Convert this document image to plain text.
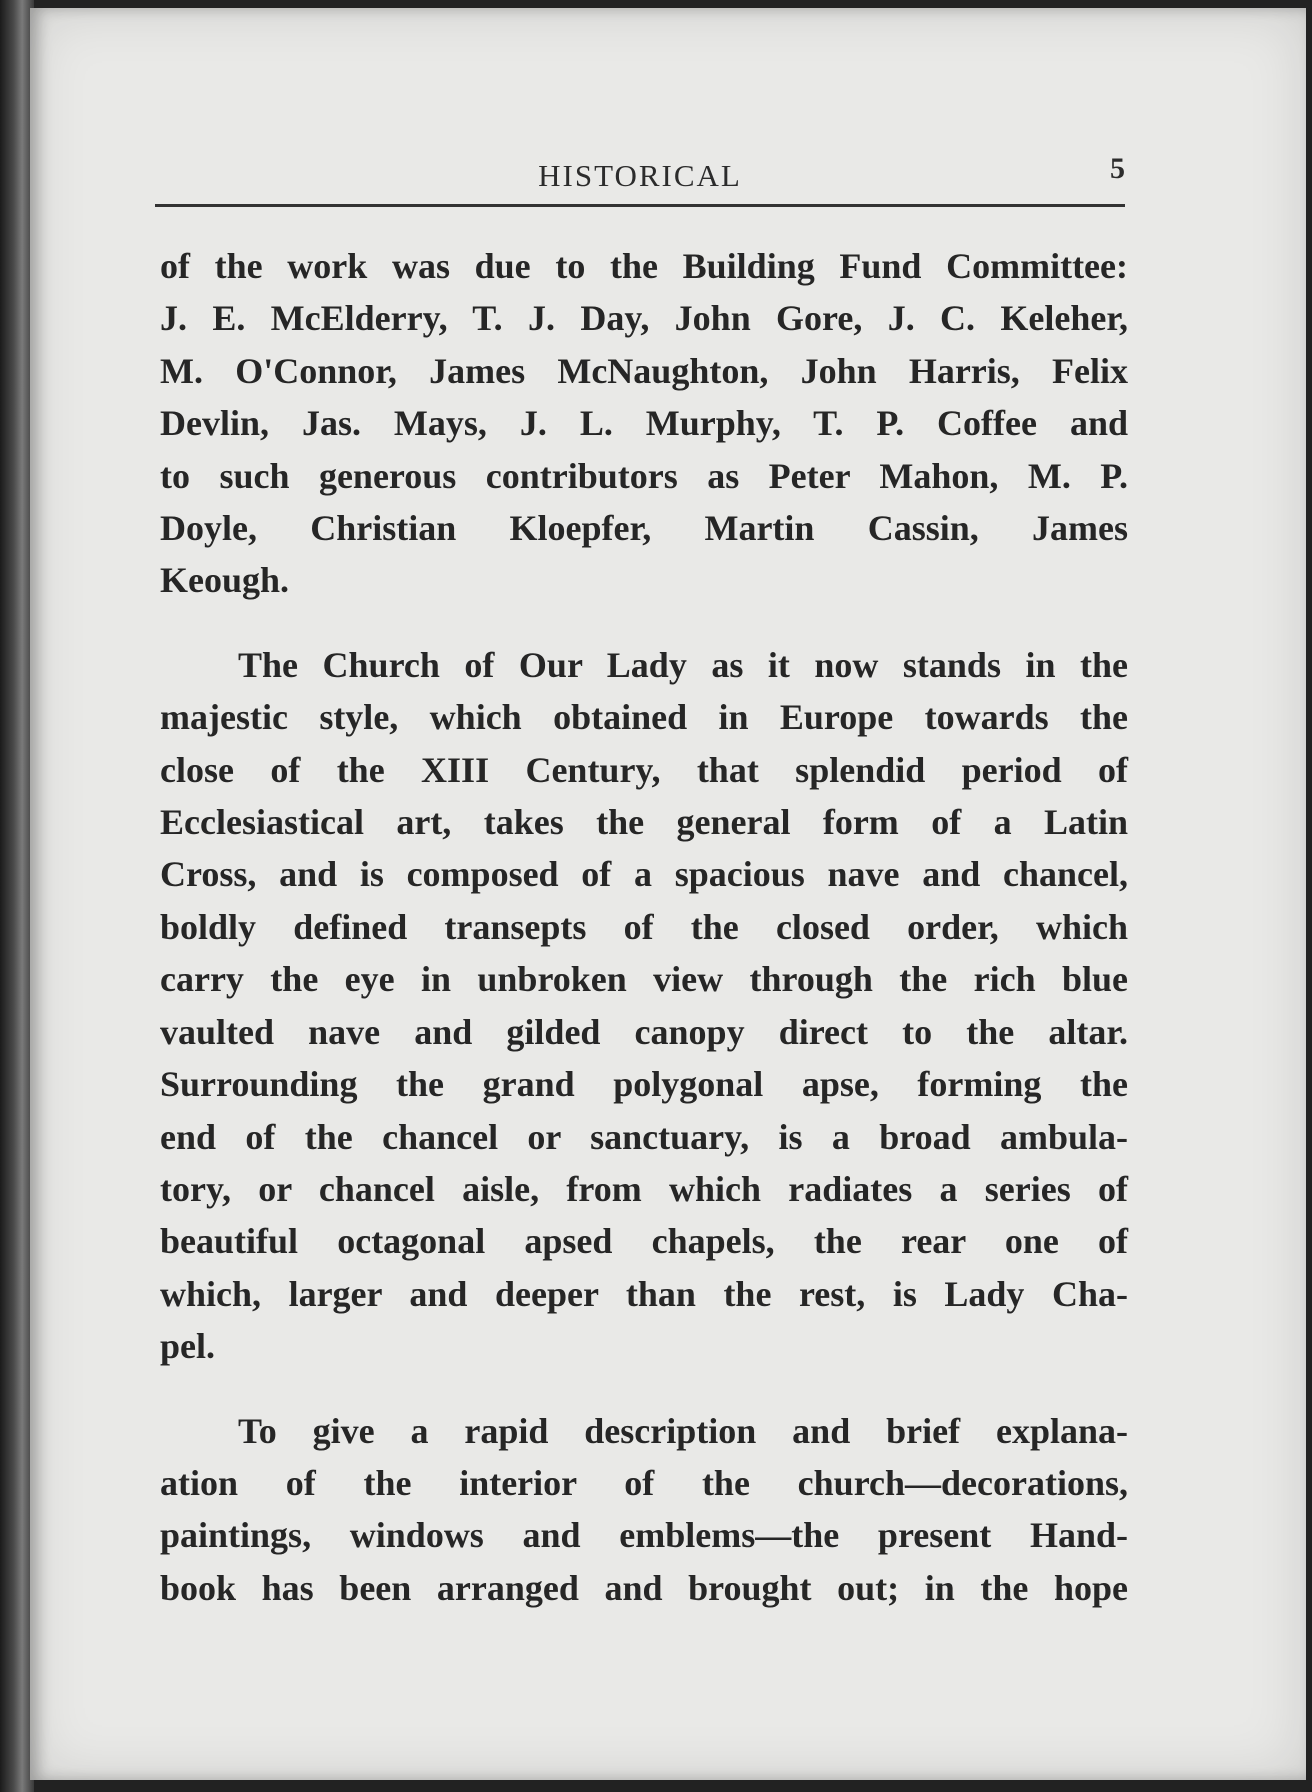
HISTORICAL	5

of the work was due to the Building Fund Committee:
J. E. McElderry, T. J. Day, John Gore, J. C. Keleher,
M. O'Connor, James McNaughton, John Harris, Felix
Devlin, Jas. Mays, J. L. Murphy, T. P. Coffee and
to such generous contributors as Peter Mahon, M. P.
Doyle, Christian Kloepfer, Martin Cassin, James
Keough.

The Church of Our Lady as it now stands in the
majestic style, which obtained in Europe towards the
close of the XIII Century, that splendid period of
Ecclesiastical art, takes the general form of a Latin
Cross, and is composed of a spacious nave and chancel,
boldly defined transepts of the closed order, which
carry the eye in unbroken view through the rich blue
vaulted nave and gilded canopy direct to the altar.
Surrounding the grand polygonal apse, forming the
end of the chancel or sanctuary, is a broad ambula-
tory, or chancel aisle, from which radiates a series of
beautiful octagonal apsed chapels, the rear one of
which, larger and deeper than the rest, is Lady Cha-
pel.

To give a rapid description and brief explana-
ation of the interior of the church—decorations,
paintings, windows and emblems—the present Hand-
book has been arranged and brought out; in the hope
